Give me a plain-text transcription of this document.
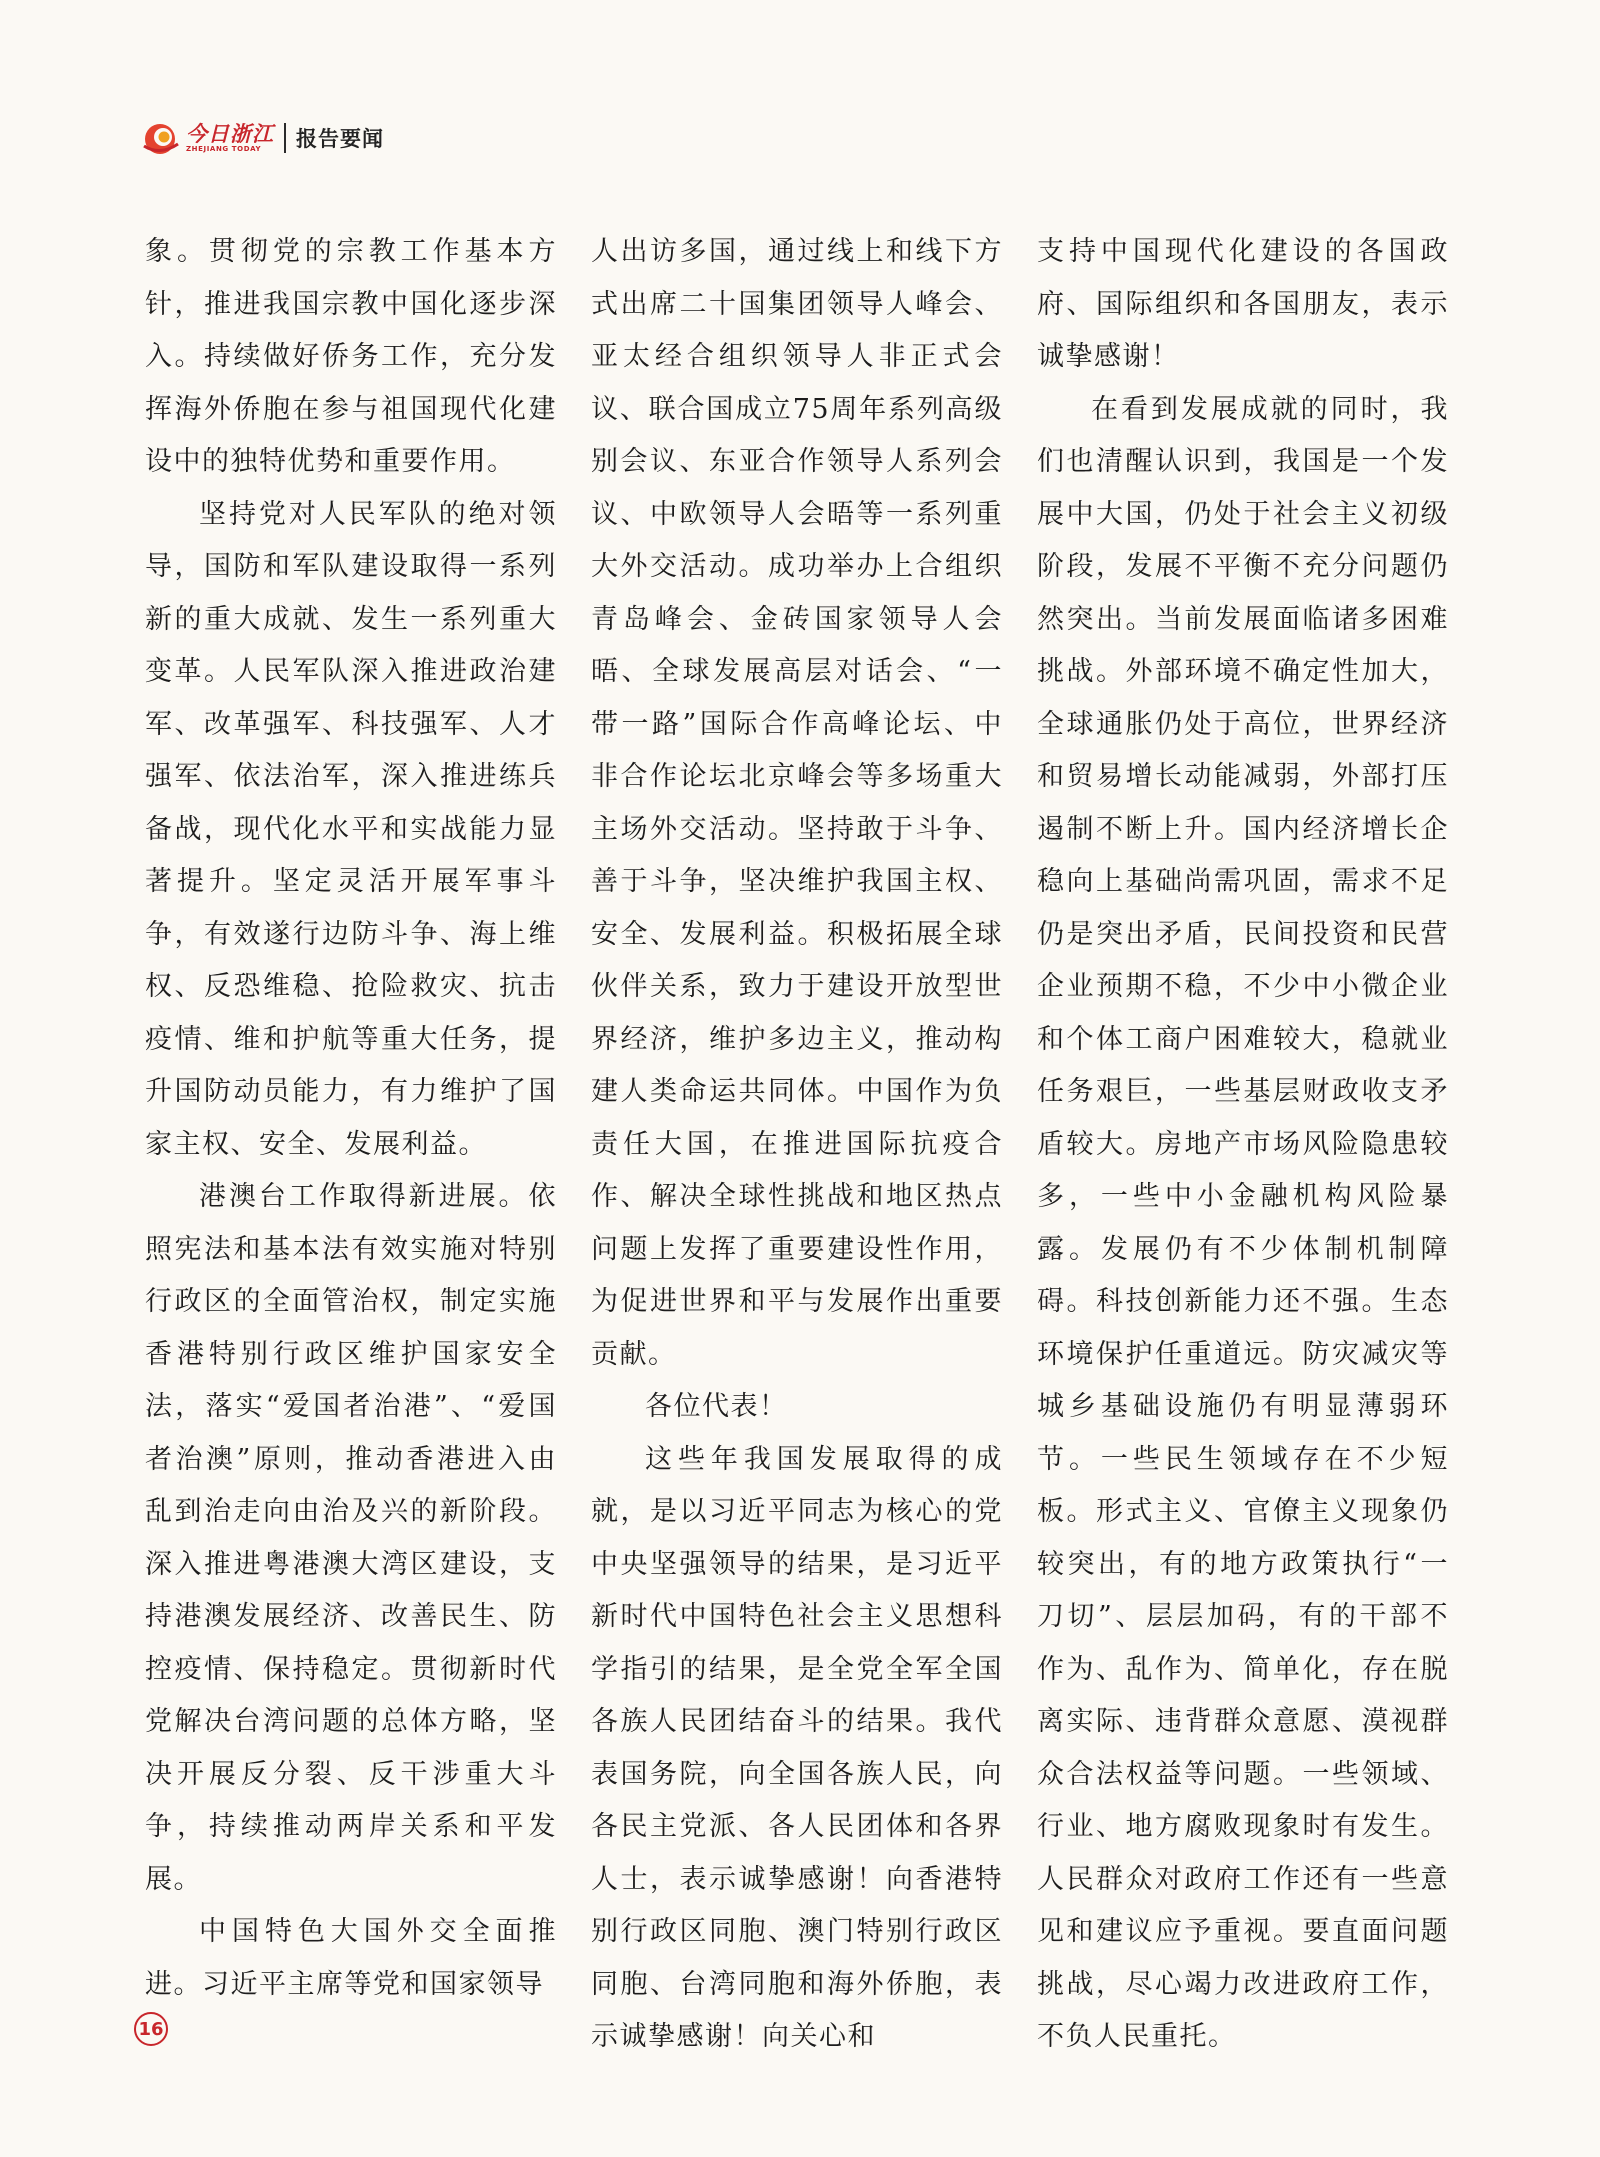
今日浙江
ZHEJIANG TODAY	报告要闻

象。贯彻党的宗教工作基本方针，推进我国宗教中国化逐步深入。持续做好侨务工作，充分发挥海外侨胞在参与祖国现代化建设中的独特优势和重要作用。

坚持党对人民军队的绝对领导，国防和军队建设取得一系列新的重大成就、发生一系列重大变革。人民军队深入推进政治建军、改革强军、科技强军、人才强军、依法治军，深入推进练兵备战，现代化水平和实战能力显著提升。坚定灵活开展军事斗争，有效遂行边防斗争、海上维权、反恐维稳、抢险救灾、抗击疫情、维和护航等重大任务，提升国防动员能力，有力维护了国家主权、安全、发展利益。

港澳台工作取得新进展。依照宪法和基本法有效实施对特别行政区的全面管治权，制定实施香港特别行政区维护国家安全法，落实“爱国者治港”、“爱国者治澳”原则，推动香港进入由乱到治走向由治及兴的新阶段。深入推进粤港澳大湾区建设，支持港澳发展经济、改善民生、防控疫情、保持稳定。贯彻新时代党解决台湾问题的总体方略，坚决开展反分裂、反干涉重大斗争，持续推动两岸关系和平发展。

中国特色大国外交全面推进。习近平主席等党和国家领导

人出访多国，通过线上和线下方式出席二十国集团领导人峰会、亚太经合组织领导人非正式会议、联合国成立75周年系列高级别会议、东亚合作领导人系列会议、中欧领导人会晤等一系列重大外交活动。成功举办上合组织青岛峰会、金砖国家领导人会晤、全球发展高层对话会、“一带一路”国际合作高峰论坛、中非合作论坛北京峰会等多场重大主场外交活动。坚持敢于斗争、善于斗争，坚决维护我国主权、安全、发展利益。积极拓展全球伙伴关系，致力于建设开放型世界经济，维护多边主义，推动构建人类命运共同体。中国作为负责任大国，在推进国际抗疫合作、解决全球性挑战和地区热点问题上发挥了重要建设性作用，为促进世界和平与发展作出重要贡献。

各位代表！

这些年我国发展取得的成就，是以习近平同志为核心的党中央坚强领导的结果，是习近平新时代中国特色社会主义思想科学指引的结果，是全党全军全国各族人民团结奋斗的结果。我代表国务院，向全国各族人民，向各民主党派、各人民团体和各界人士，表示诚挚感谢！向香港特别行政区同胞、澳门特别行政区同胞、台湾同胞和海外侨胞，表示诚挚感谢！向关心和

支持中国现代化建设的各国政府、国际组织和各国朋友，表示诚挚感谢！

在看到发展成就的同时，我们也清醒认识到，我国是一个发展中大国，仍处于社会主义初级阶段，发展不平衡不充分问题仍然突出。当前发展面临诸多困难挑战。外部环境不确定性加大，全球通胀仍处于高位，世界经济和贸易增长动能减弱，外部打压遏制不断上升。国内经济增长企稳向上基础尚需巩固，需求不足仍是突出矛盾，民间投资和民营企业预期不稳，不少中小微企业和个体工商户困难较大，稳就业任务艰巨，一些基层财政收支矛盾较大。房地产市场风险隐患较多，一些中小金融机构风险暴露。发展仍有不少体制机制障碍。科技创新能力还不强。生态环境保护任重道远。防灾减灾等城乡基础设施仍有明显薄弱环节。一些民生领域存在不少短板。形式主义、官僚主义现象仍较突出，有的地方政策执行“一刀切”、层层加码，有的干部不作为、乱作为、简单化，存在脱离实际、违背群众意愿、漠视群众合法权益等问题。一些领域、行业、地方腐败现象时有发生。人民群众对政府工作还有一些意见和建议应予重视。要直面问题挑战，尽心竭力改进政府工作，不负人民重托。

16
